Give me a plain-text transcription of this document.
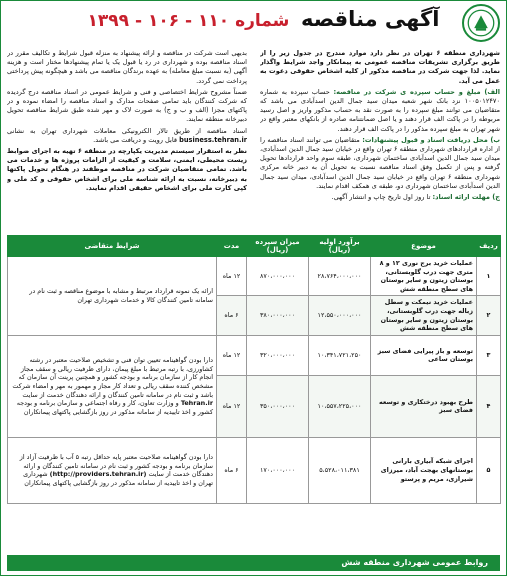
آگهی مناقصه شماره ۱۱۰ - ۱۰۶ - ۱۳۹۹

شهرداری منطقه ۶ تهران در نظر دارد موارد مندرج در جدول زیر را از طریق برگزاری تشریفات مناقصه عمومی به پیمانکار واجد شرایط واگذار نماید. لذا جهت شرکت در مناقصه مذکور از کلیه اشخاص حقوقی دعوت به عمل می آید.

الف) مبلغ و حساب سپرده ی شرکت در مناقصه: حساب سپرده به شماره ۱۰۰۵۰۱۲۴۷۰ نزد بانک شهر شعبه میدان سید جمال الدین اسدآبادی می باشد که متقاضیان می توانند مبلغ سپرده را به صورت نقد به حساب مذکور واریز و اصل رسید مربوطه را در پاکت الف قرار دهند و یا اصل ضمانتنامه صادره از بانکهای معتبر واقع در شهر تهران به مبلغ سپرده مذکور را در پاکت الف قرار دهند.

ب) محل دریافت اسناد و قبول پیشنهادات: متقاضیان می توانند اسناد مناقصه را از اداره قراردادهای شهرداری منطقه ۶ تهران واقع در خیابان سید جمال الدین اسدآبادی، میدان سید جمال الدین اسدآبادی ساختمان شهرداری، طبقه سوم واحد قراردادها تحویل گرفته و پس از تکمیل وفق اسناد مناقصه نسبت به تحویل آن به دبیر خانه مرکزی شهرداری منطقه ۶ تهران واقع در خیابان سید جمال الدین اسدآبادی، میدان سید جمال الدین اسدآبادی ساختمان شهرداری دو، طبقه ی همکف اقدام نمایند.

ج) مهلت ارائه اسناد: تا روز اول تاریخ چاپ و انتشار آگهی.

بدیهی است شرکت در مناقصه و ارائه پیشنهاد به منزله قبول شرایط و تکالیف مقرر در اسناد مناقصه بوده و شهرداری در رد یا قبول یک یا تمام پیشنهادها مختار است و هزینه آگهی (به نسبت مبلغ معامله) به عهده برندگان مناقصه می باشد و هیچگونه پیش پرداختی پرداخت نمی گردد.

ضمناً مشروح شرایط اختصاصی و فنی و شرایط عمومی در اسناد مناقصه درج گردیده که شرکت کنندگان باید تمامی صفحات مدارک و اسناد مناقصه را امضاء نموده و در پاکتهای مجزا (الف و ب و ج) به صورت لاک و مهر شده طبق شرایط مناقصه تحویل دبیرخانه منطقه نمایند.

اسناد مناقصه از طریق تالار الکترونیکی معاملات شهرداری تهران به نشانی business.tehran.ir قابل رویت و دریافت می باشد.

نظر به استقرار سیستم مدیریت یکپارچه در منطقه ۶ تهیه به اجرای ضوابط زیست محیطی، ایمنی، سلامت و کیفیت از الزامات پروژه ها و خدمات می باشد. تمامی متقاضیان شرکت در مناقصه موظفند در هنگام تحویل پاکتها به دبیرخانه، نسبت به ارائه شناسه ملی برای اشخاص حقوقی و کد ملی و کپی کارت ملی برای اشخاص حقیقی اقدام نمایند.

ردیف	موضوع	برآورد اولیه (ریال)	میزان سپرده (ریال)	مدت	شرایط متقاضی
۱	عملیات خرید برج نوری ۱۲ و ۸ متری جهت درب گلوبستانی، بوستان زیتون و سایر بوستان های سطح منطقه شش	۲۸،۷۶۴،۰۰۰،۰۰۰	۸۷۰،۰۰۰،۰۰۰	۱۲ ماه	ارائه یک نمونه قرارداد مرتبط و مشابه با موضوع مناقصه و ثبت نام در سامانه تامین کنندگان کالا و خدمات شهرداری تهران
۲	عملیات خرید نیمکت و سطل زباله جهت درب گلوبستانی، بوستان زیتون و سایر بوستان های سطح منطقه شش	۱۲،۵۵۰،۰۰۰،۰۰۰	۳۸۰،۰۰۰،۰۰۰	۶ ماه	
۳	توسعه و باز پیرایی فضای سبز بوستان ساعی	۱۰،۳۴۱،۷۲۱،۲۵۰	۳۲۰،۰۰۰،۰۰۰	۱۲ ماه	دارا بودن گواهینامه تعیین توان فنی و تشخیص صلاحیت معتبر در رشته کشاورزی، با رتبه مرتبط با مبلغ پیمان، دارای ظرفیت ریالی و سقف مجاز انجام کار از سازمان برنامه و بودجه کشور و همچنین پرینت آن سازمان که مشخص کننده سقف ریالی و تعداد کار مجاز و مهمور به مهر و امضاء شرکت باشد و ثبت نام در سامانه تامین کنندگان و ارائه دهندگان خدمت از سایت Tehran.ir و وزارت تعاون، کار و رفاه اجتماعی و سازمان برنامه و بودجه کشور و اخذ تاییدیه از سامانه مذکور در روز بازگشایی پاکتهای پیمانکاران
۴	طرح بهبود درختکاری و توسعه فضای سبز	۱۰،۵۵۷،۲۲۵،۰۰۰	۳۵۰،۰۰۰،۰۰۰	۱۲ ماه	
۵	اجرای شبکه آبیاری بارانی بوستانهای بهجت آباد، میرزای شیرازی، مریم و پرستو	۵،۵۲۸،۰۱۱،۳۸۱	۱۷۰،۰۰۰،۰۰۰	۶ ماه	دارا بودن گواهینامه صلاحیت معتبر پایه حداقل رتبه ۵ آب با ظرفیت آزاد از سازمان برنامه و بودجه کشور و ثبت نام در سامانه تامین کنندگان و ارائه دهندگان خدمت از سایت (http://providers.tehran.ir) شهرداری تهران و اخذ تاییدیه از سامانه مذکور در روز بازگشایی پاکتهای پیمانکاران
روابط عمومی شهرداری منطقه شش
